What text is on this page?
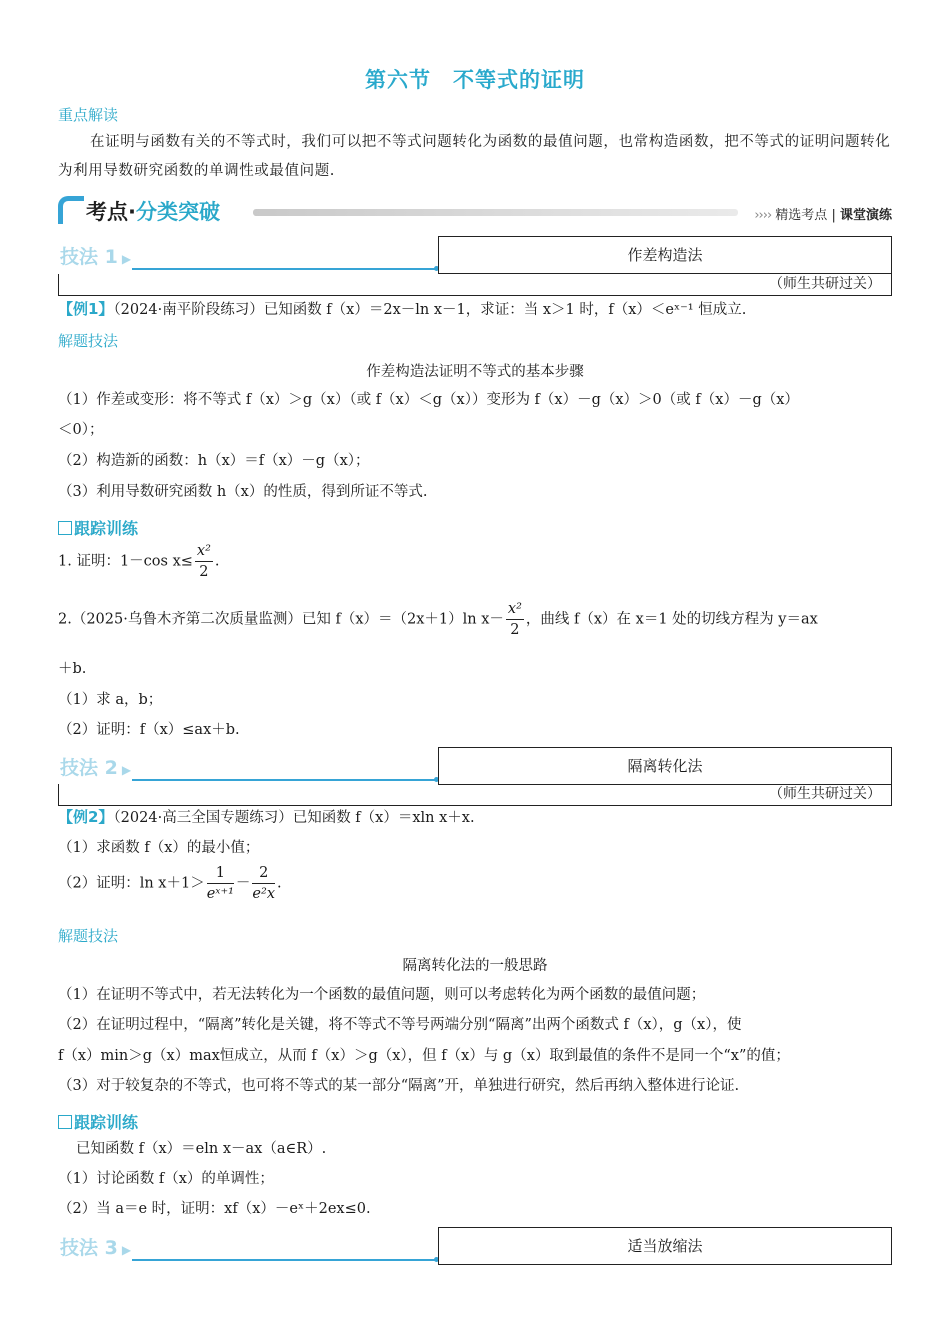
第六节　不等式的证明
重点解读
在证明与函数有关的不等式时，我们可以把不等式问题转化为函数的最值问题，也常构造函数，把不等式的证明问题转化为利用导数研究函数的单调性或最值问题.
考点·分类突破	›››› 精选考点 | 课堂演练
技法 1 ▶	作差构造法
（师生共研过关）
【例1】（2024·南平阶段练习）已知函数 f（x）＝2x－ln x－1，求证：当 x＞1 时，f（x）＜eˣ⁻¹ 恒成立.
解题技法
作差构造法证明不等式的基本步骤
（1）作差或变形：将不等式 f（x）＞g（x）（或 f（x）＜g（x））变形为 f（x）－g（x）＞0（或 f（x）－g（x）
＜0）；
（2）构造新的函数：h（x）＝f（x）－g（x）；
（3）利用导数研究函数 h（x）的性质，得到所证不等式.
跟踪训练
1. 证明：1－cos $x\le \frac{\text{x²}}{2}$ .
2.（2025·乌鲁木齐第二次质量监测）已知 f（x）＝（2x＋1）ln $x- \frac{\text{x²}}{2}$ ，曲线 f（x）在 x＝1 处的切线方程为 y＝ax
＋b.
（1）求 a，b；
（2）证明：f（x）≤ax＋b.
技法 2 ▶	隔离转化法
（师生共研过关）
【例2】（2024·高三全国专题练习）已知函数 f（x）＝xln x＋x.
（1）求函数 f（x）的最小值；
（2）证明：$\ln x+1> \frac{1}{\text{eˣ⁺¹}} - \frac{2}{\text{e²x}}$ .
解题技法
隔离转化法的一般思路
（1）在证明不等式中，若无法转化为一个函数的最值问题，则可以考虑转化为两个函数的最值问题；
（2）在证明过程中，“隔离”转化是关键，将不等式不等号两端分别“隔离”出两个函数式 f（x），g（x），使
f（x）min＞g（x）max恒成立，从而 f（x）＞g（x），但 f（x）与 g（x）取到最值的条件不是同一个“x”的值；
（3）对于较复杂的不等式，也可将不等式的某一部分“隔离”开，单独进行研究，然后再纳入整体进行论证.
跟踪训练
已知函数 f（x）＝eln x－ax（a∈R）.
（1）讨论函数 f（x）的单调性；
（2）当 a＝e 时，证明：xf（x）－eˣ＋2ex≤0.
技法 3 ▶	适当放缩法
